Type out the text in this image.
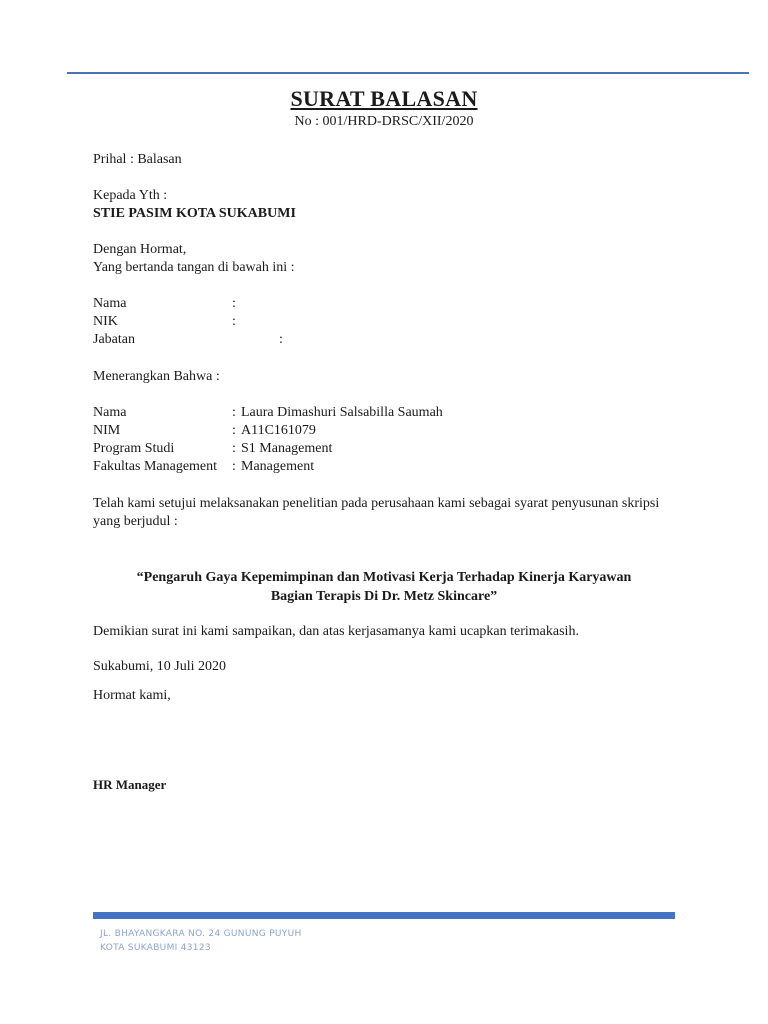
SURAT BALASAN
No : 001/HRD-DRSC/XII/2020
Prihal : Balasan
Kepada Yth :
STIE PASIM KOTA SUKABUMI
Dengan Hormat,
Yang bertanda tangan di bawah ini :
Nama	:
NIK	:
Jabatan	:
Menerangkan Bahwa :
Nama	: Laura Dimashuri Salsabilla Saumah
NIM	: A11C161079
Program Studi	: S1 Management
Fakultas Management : Management
Telah kami setujui melaksanakan penelitian pada perusahaan kami sebagai syarat penyusunan skripsi yang berjudul :
“Pengaruh Gaya Kepemimpinan dan Motivasi Kerja Terhadap Kinerja Karyawan
Bagian Terapis Di Dr. Metz Skincare”
Demikian surat ini kami sampaikan, dan atas kerjasamanya kami ucapkan terimakasih.
Sukabumi, 10 Juli 2020
Hormat kami,
HR Manager
JL. BHAYANGKARA NO. 24 GUNUNG PUYUH
KOTA SUKABUMI 43123
